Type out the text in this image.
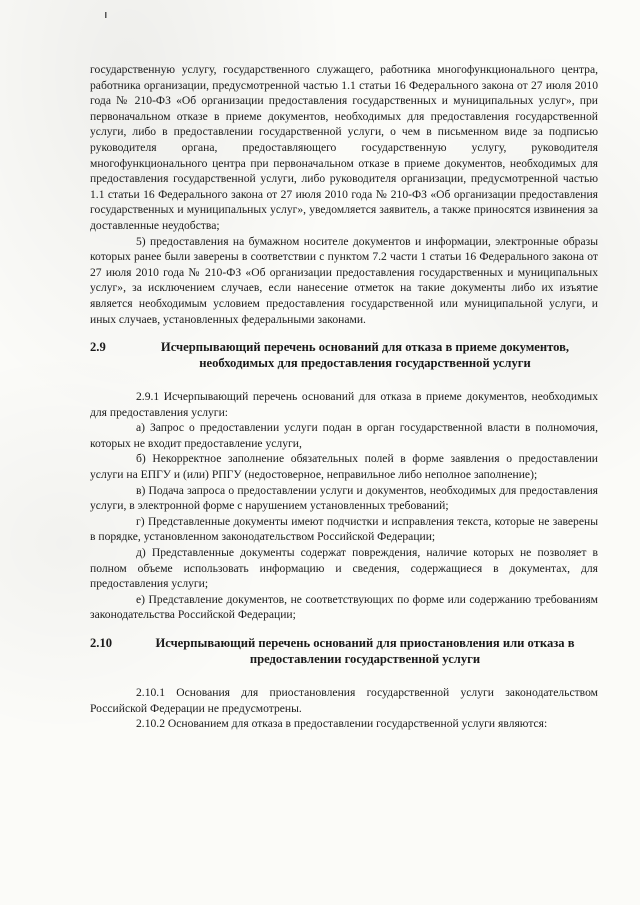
государственную услугу, государственного служащего, работника многофункционального центра, работника организации, предусмотренной частью 1.1 статьи 16 Федерального закона от 27 июля 2010 года № 210-ФЗ «Об организации предоставления государственных и муниципальных услуг», при первоначальном отказе в приеме документов, необходимых для предоставления государственной услуги, либо в предоставлении государственной услуги, о чем в письменном виде за подписью руководителя органа, предоставляющего государственную услугу, руководителя многофункционального центра при первоначальном отказе в приеме документов, необходимых для предоставления государственной услуги, либо руководителя организации, предусмотренной частью 1.1 статьи 16 Федерального закона от 27 июля 2010 года № 210-ФЗ «Об организации предоставления государственных и муниципальных услуг», уведомляется заявитель, а также приносятся извинения за доставленные неудобства;

5) предоставления на бумажном носителе документов и информации, электронные образы которых ранее были заверены в соответствии с пунктом 7.2 части 1 статьи 16 Федерального закона от 27 июля 2010 года № 210-ФЗ «Об организации предоставления государственных и муниципальных услуг», за исключением случаев, если нанесение отметок на такие документы либо их изъятие является необходимым условием предоставления государственной или муниципальной услуги, и иных случаев, установленных федеральными законами.

2.9	Исчерпывающий перечень оснований для отказа в приеме документов, необходимых для предоставления государственной услуги

2.9.1 Исчерпывающий перечень оснований для отказа в приеме документов, необходимых для предоставления услуги:

а) Запрос о предоставлении услуги подан в орган государственной власти в полномочия, которых не входит предоставление услуги,

б) Некорректное заполнение обязательных полей в форме заявления о предоставлении услуги на ЕПГУ и (или) РПГУ (недостоверное, неправильное либо неполное заполнение);

в) Подача запроса о предоставлении услуги и документов, необходимых для предоставления услуги, в электронной форме с нарушением установленных требований;

г) Представленные документы имеют подчистки и исправления текста, которые не заверены в порядке, установленном законодательством Российской Федерации;

д) Представленные документы содержат повреждения, наличие которых не позволяет в полном объеме использовать информацию и сведения, содержащиеся в документах, для предоставления услуги;

е) Представление документов, не соответствующих по форме или содержанию требованиям законодательства Российской Федерации;

2.10	Исчерпывающий перечень оснований для приостановления или отказа в предоставлении государственной услуги

2.10.1 Основания для приостановления государственной услуги законодательством Российской Федерации не предусмотрены.

2.10.2 Основанием для отказа в предоставлении государственной услуги являются:
